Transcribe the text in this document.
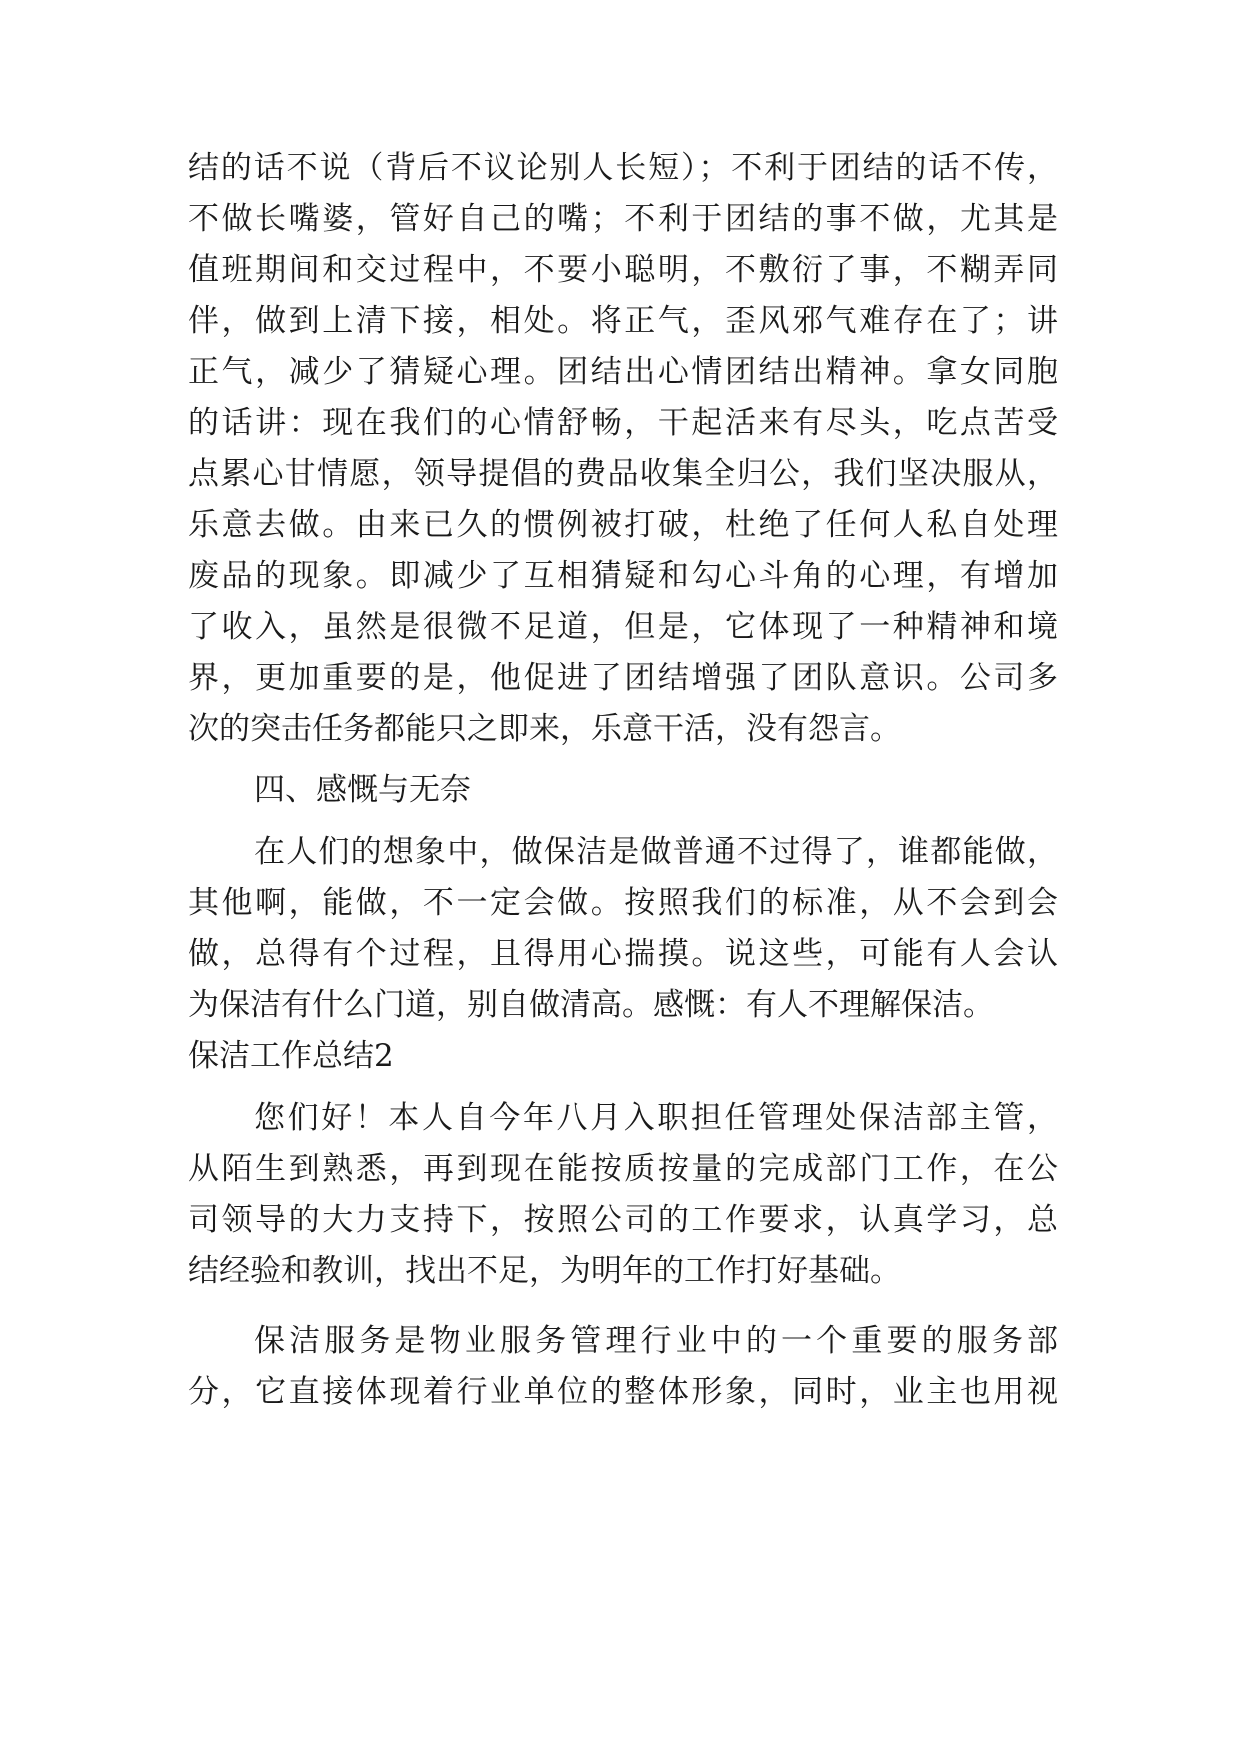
结的话不说（背后不议论别人长短）；不利于团结的话不传，
不做长嘴婆，管好自己的嘴；不利于团结的事不做，尤其是
值班期间和交过程中，不要小聪明，不敷衍了事，不糊弄同
伴，做到上清下接，相处。将正气，歪风邪气难存在了；讲
正气，减少了猜疑心理。团结出心情团结出精神。拿女同胞
的话讲：现在我们的心情舒畅，干起活来有尽头，吃点苦受
点累心甘情愿，领导提倡的费品收集全归公，我们坚决服从，
乐意去做。由来已久的惯例被打破，杜绝了任何人私自处理
废品的现象。即减少了互相猜疑和勾心斗角的心理，有增加
了收入，虽然是很微不足道，但是，它体现了一种精神和境
界，更加重要的是，他促进了团结增强了团队意识。公司多
次的突击任务都能只之即来，乐意干活，没有怨言。
四、感慨与无奈
在人们的想象中，做保洁是做普通不过得了，谁都能做，
其他啊，能做，不一定会做。按照我们的标准，从不会到会
做，总得有个过程，且得用心揣摸。说这些，可能有人会认
为保洁有什么门道，别自做清高。感慨：有人不理解保洁。
保洁工作总结2
您们好！本人自今年八月入职担任管理处保洁部主管，
从陌生到熟悉，再到现在能按质按量的完成部门工作，在公
司领导的大力支持下，按照公司的工作要求，认真学习，总
结经验和教训，找出不足，为明年的工作打好基础。
保洁服务是物业服务管理行业中的一个重要的服务部
分，它直接体现着行业单位的整体形象，同时，业主也用视
